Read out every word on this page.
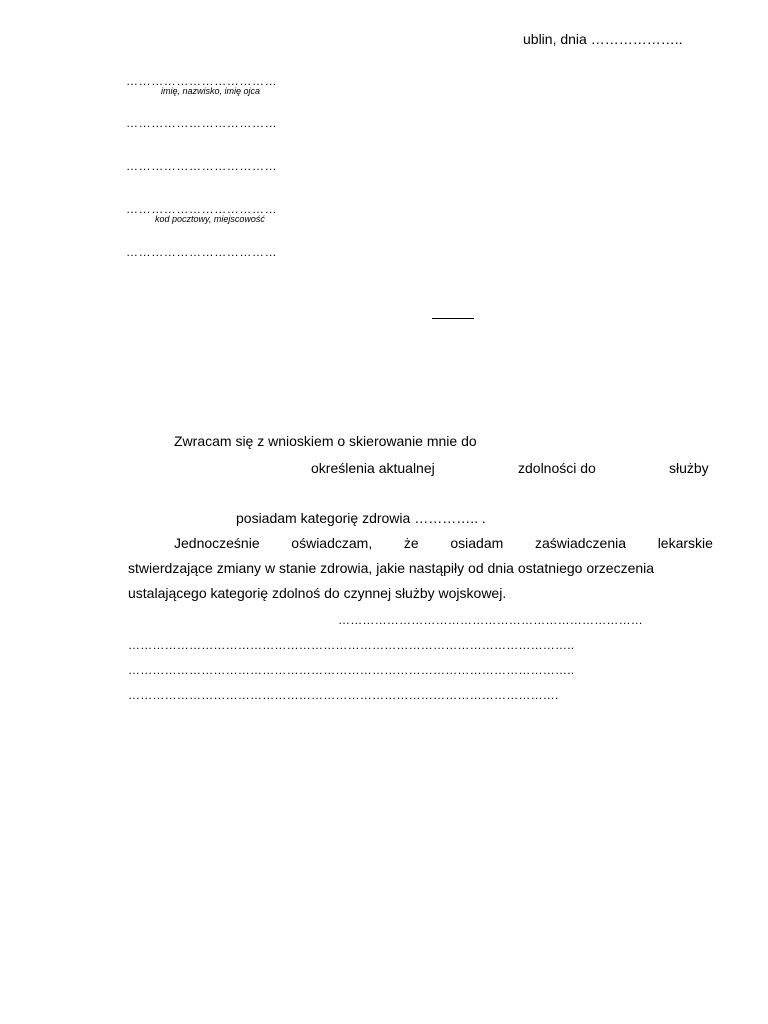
ublin, dnia ………………..
………………………………
imię, nazwisko, imię ojca
………………………………
………………………………
………………………………
kod pocztowy, miejscowość
………………………………
Zwracam się z wnioskiem o skierowanie mnie do
określenia aktualnej	zdolności do	służby
posiadam kategorię zdrowia ………….. .
Jednocześnie oświadczam, że osiadam zaświadczenia lekarskie
stwierdzające zmiany w stanie zdrowia, jakie nastąpiły od dnia ostatniego orzeczenia
ustalającego kategorię zdolnoś do czynnej służby wojskowej.
…………………………………………………………………
………………………………………………………………………………………………..
………………………………………………………………………………………………..
…………………………………………………………………………………………….
